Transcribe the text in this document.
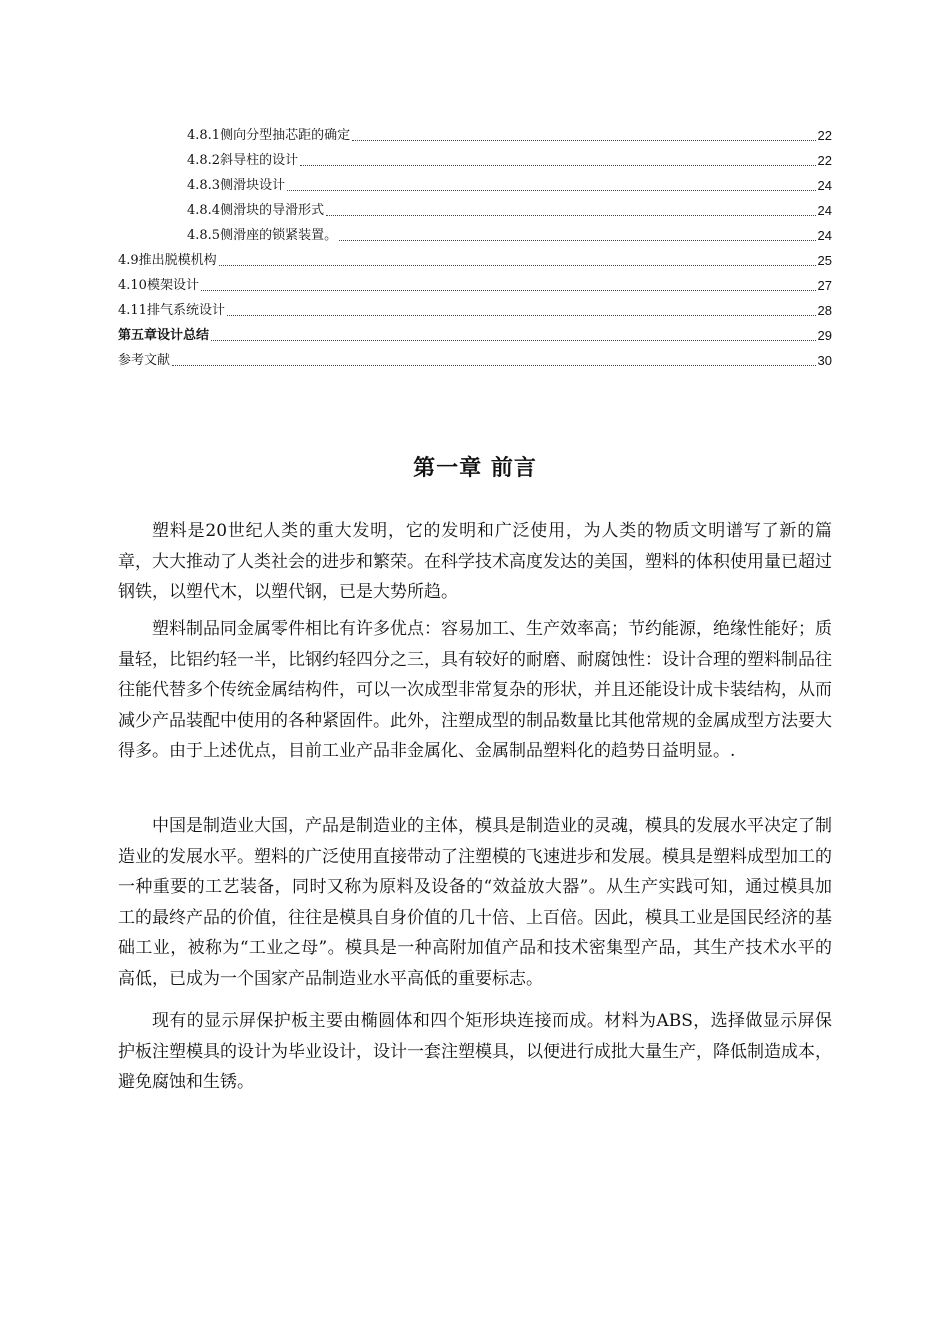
4.8.1侧向分型抽芯距的确定	22
4.8.2斜导柱的设计	22
4.8.3侧滑块设计	24
4.8.4侧滑块的导滑形式	24
4.8.5侧滑座的锁紧装置。	24
4.9推出脱模机构	25
4.10模架设计	27
4.11排气系统设计	28
第五章设计总结	29
参考文献	30
第一章 前言

塑料是20世纪人类的重大发明，它的发明和广泛使用，为人类的物质文明谱写了新的篇章，大大推动了人类社会的进步和繁荣。在科学技术高度发达的美国，塑料的体积使用量已超过钢铁，以塑代木，以塑代钢，已是大势所趋。

塑料制品同金属零件相比有许多优点：容易加工、生产效率高；节约能源，绝缘性能好；质量轻，比铝约轻一半，比钢约轻四分之三，具有较好的耐磨、耐腐蚀性：设计合理的塑料制品往往能代替多个传统金属结构件，可以一次成型非常复杂的形状，并且还能设计成卡装结构，从而减少产品装配中使用的各种紧固件。此外，注塑成型的制品数量比其他常规的金属成型方法要大得多。由于上述优点，目前工业产品非金属化、金属制品塑料化的趋势日益明显。.

中国是制造业大国，产品是制造业的主体，模具是制造业的灵魂，模具的发展水平决定了制造业的发展水平。塑料的广泛使用直接带动了注塑模的飞速进步和发展。模具是塑料成型加工的一种重要的工艺装备，同时又称为原料及设备的“效益放大器”。从生产实践可知，通过模具加工的最终产品的价值，往往是模具自身价值的几十倍、上百倍。因此，模具工业是国民经济的基础工业，被称为“工业之母”。模具是一种高附加值产品和技术密集型产品，其生产技术水平的高低，已成为一个国家产品制造业水平高低的重要标志。

现有的显示屏保护板主要由椭圆体和四个矩形块连接而成。材料为ABS，选择做显示屏保护板注塑模具的设计为毕业设计，设计一套注塑模具，以便进行成批大量生产，降低制造成本，避免腐蚀和生锈。
